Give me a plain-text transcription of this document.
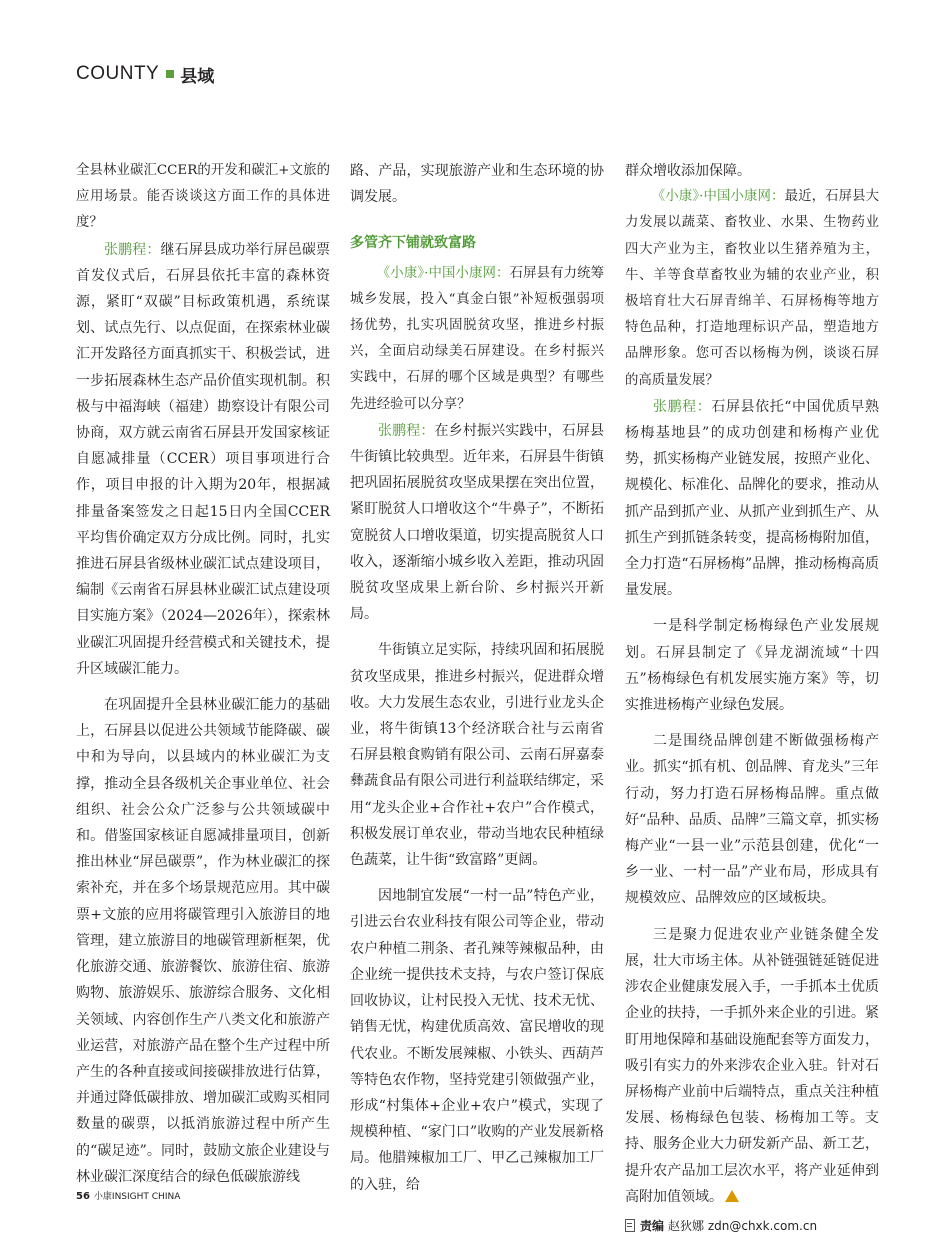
COUNTY 县域

全县林业碳汇CCER的开发和碳汇+文旅的应用场景。能否谈谈这方面工作的具体进度？

张鹏程：继石屏县成功举行屏邑碳票首发仪式后，石屏县依托丰富的森林资源，紧盯“双碳”目标政策机遇，系统谋划、试点先行、以点促面，在探索林业碳汇开发路径方面真抓实干、积极尝试，进一步拓展森林生态产品价值实现机制。积极与中福海峡（福建）勘察设计有限公司协商，双方就云南省石屏县开发国家核证自愿减排量（CCER）项目事项进行合作，项目申报的计入期为20年，根据减排量备案签发之日起15日内全国CCER平均售价确定双方分成比例。同时，扎实推进石屏县省级林业碳汇试点建设项目，编制《云南省石屏县林业碳汇试点建设项目实施方案》（2024—2026年），探索林业碳汇巩固提升经营模式和关键技术，提升区域碳汇能力。

在巩固提升全县林业碳汇能力的基础上，石屏县以促进公共领域节能降碳、碳中和为导向，以县域内的林业碳汇为支撑，推动全县各级机关企事业单位、社会组织、社会公众广泛参与公共领域碳中和。借鉴国家核证自愿减排量项目，创新推出林业“屏邑碳票”，作为林业碳汇的探索补充，并在多个场景规范应用。其中碳票+文旅的应用将碳管理引入旅游目的地管理，建立旅游目的地碳管理新框架，优化旅游交通、旅游餐饮、旅游住宿、旅游购物、旅游娱乐、旅游综合服务、文化相关领域、内容创作生产八类文化和旅游产业运营，对旅游产品在整个生产过程中所产生的各种直接或间接碳排放进行估算，并通过降低碳排放、增加碳汇或购买相同数量的碳票，以抵消旅游过程中所产生的“碳足迹”。同时，鼓励文旅企业建设与林业碳汇深度结合的绿色低碳旅游线

路、产品，实现旅游产业和生态环境的协调发展。

多管齐下铺就致富路

《小康》·中国小康网：石屏县有力统筹城乡发展，投入“真金白银”补短板强弱项扬优势，扎实巩固脱贫攻坚，推进乡村振兴，全面启动绿美石屏建设。在乡村振兴实践中，石屏的哪个区域是典型？有哪些先进经验可以分享？

张鹏程：在乡村振兴实践中，石屏县牛街镇比较典型。近年来，石屏县牛街镇把巩固拓展脱贫攻坚成果摆在突出位置，紧盯脱贫人口增收这个“牛鼻子”，不断拓宽脱贫人口增收渠道，切实提高脱贫人口收入，逐渐缩小城乡收入差距，推动巩固脱贫攻坚成果上新台阶、乡村振兴开新局。

牛街镇立足实际，持续巩固和拓展脱贫攻坚成果，推进乡村振兴，促进群众增收。大力发展生态农业，引进行业龙头企业，将牛街镇13个经济联合社与云南省石屏县粮食购销有限公司、云南石屏嘉泰彝蔬食品有限公司进行利益联结绑定，采用“龙头企业+合作社+农户”合作模式，积极发展订单农业，带动当地农民种植绿色蔬菜，让牛街“致富路”更阔。

因地制宜发展“一村一品”特色产业，引进云台农业科技有限公司等企业，带动农户种植二荆条、者孔辣等辣椒品种，由企业统一提供技术支持，与农户签订保底回收协议，让村民投入无忧、技术无忧、销售无忧，构建优质高效、富民增收的现代农业。不断发展辣椒、小铁头、西葫芦等特色农作物，坚持党建引领做强产业，形成“村集体+企业+农户”模式，实现了规模种植、“家门口”收购的产业发展新格局。他腊辣椒加工厂、甲乙己辣椒加工厂的入驻，给

群众增收添加保障。

《小康》·中国小康网：最近，石屏县大力发展以蔬菜、畜牧业、水果、生物药业四大产业为主，畜牧业以生猪养殖为主，牛、羊等食草畜牧业为辅的农业产业，积极培育壮大石屏青绵羊、石屏杨梅等地方特色品种，打造地理标识产品，塑造地方品牌形象。您可否以杨梅为例，谈谈石屏的高质量发展？

张鹏程：石屏县依托“中国优质早熟杨梅基地县”的成功创建和杨梅产业优势，抓实杨梅产业链发展，按照产业化、规模化、标准化、品牌化的要求，推动从抓产品到抓产业、从抓产业到抓生产、从抓生产到抓链条转变，提高杨梅附加值，全力打造“石屏杨梅”品牌，推动杨梅高质量发展。

一是科学制定杨梅绿色产业发展规划。石屏县制定了《异龙湖流域“十四五”杨梅绿色有机发展实施方案》等，切实推进杨梅产业绿色发展。

二是围绕品牌创建不断做强杨梅产业。抓实“抓有机、创品牌、育龙头”三年行动，努力打造石屏杨梅品牌。重点做好“品种、品质、品牌”三篇文章，抓实杨梅产业“一县一业”示范县创建，优化“一乡一业、一村一品”产业布局，形成具有规模效应、品牌效应的区域板块。

三是聚力促进农业产业链条健全发展，壮大市场主体。从补链强链延链促进涉农企业健康发展入手，一手抓本土优质企业的扶持，一手抓外来企业的引进。紧盯用地保障和基础设施配套等方面发力，吸引有实力的外来涉农企业入驻。针对石屏杨梅产业前中后端特点，重点关注种植发展、杨梅绿色包装、杨梅加工等。支持、服务企业大力研发新产品、新工艺，提升农产品加工层次水平，将产业延伸到高附加值领域。

责编 赵狄娜 zdn@chxk.com.cn

56 小康INSIGHT CHINA
